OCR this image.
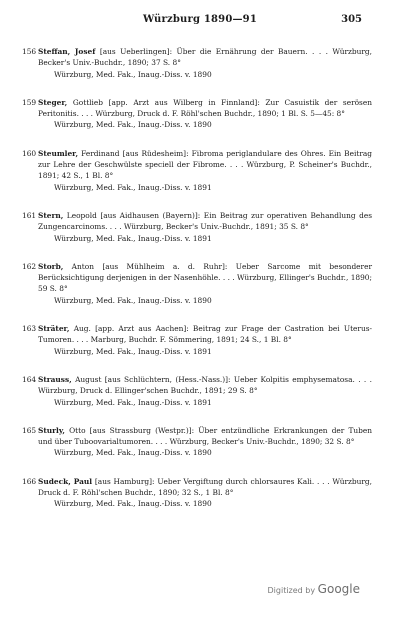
Würzburg 1890—91	305
156 Steffan, Josef [aus Ueberlingen]: Über die Ernährung der Bauern. . . . Würzburg, Becker's Univ.-Buchdr., 1890; 37 S. 8°
Würzburg, Med. Fak., Inaug.-Diss. v. 1890
159 Steger, Gottlieb [app. Arzt aus Wilberg in Finnland]: Zur Casuistik der serösen Peritonitis. . . . Würzburg, Druck d. F. Röhl'schen Buchdr., 1890; 1 Bl. S. 5—45: 8°
Würzburg, Med. Fak., Inaug.-Diss. v. 1890
160 Steumler, Ferdinand [aus Rüdesheim]: Fibroma periglandulare des Ohres. Ein Beitrag zur Lehre der Geschwülste speciell der Fibrome. . . . Würzburg, P. Scheiner's Buchdr., 1891; 42 S., 1 Bl. 8°
Würzburg, Med. Fak., Inaug.-Diss. v. 1891
161 Stern, Leopold [aus Aidhausen (Bayern)]: Ein Beitrag zur operativen Behandlung des Zungencarcinoms. . . . Würzburg, Becker's Univ.-Buchdr., 1891; 35 S. 8°
Würzburg, Med. Fak., Inaug.-Diss. v. 1891
162 Storb, Anton [aus Mühlheim a. d. Ruhr]: Ueber Sarcome mit besonderer Berücksichtigung derjenigen in der Nasenhöhle. . . . Würzburg, Ellinger's Buchdr., 1890; 59 S. 8°
Würzburg, Med. Fak., Inaug.-Diss. v. 1890
163 Sträter, Aug. [app. Arzt aus Aachen]: Beitrag zur Frage der Castration bei Uterus-Tumoren. . . . Marburg, Buchdr. F. Sömmering, 1891; 24 S., 1 Bl. 8°
Würzburg, Med. Fak., Inaug.-Diss. v. 1891
164 Strauss, August [aus Schlüchtern, (Hess.-Nass.)]: Ueber Kolpitis emphysematosa. . . . Würzburg, Druck d. Ellinger'schen Buchdr., 1891; 29 S. 8°
Würzburg, Med. Fak., Inaug.-Diss. v. 1891
165 Sturly, Otto [aus Strassburg (Westpr.)]: Über entzündliche Erkrankungen der Tuben und über Tuboovarialtumoren. . . . Würzburg, Becker's Univ.-Buchdr., 1890; 32 S. 8°
Würzburg, Med. Fak., Inaug.-Diss. v. 1890
166 Sudeck, Paul [aus Hamburg]: Ueber Vergiftung durch chlorsaures Kali. . . . Würzburg, Druck d. F. Röhl'schen Buchdr., 1890; 32 S., 1 Bl. 8°
Würzburg, Med. Fak., Inaug.-Diss. v. 1890
Digitized by Google
